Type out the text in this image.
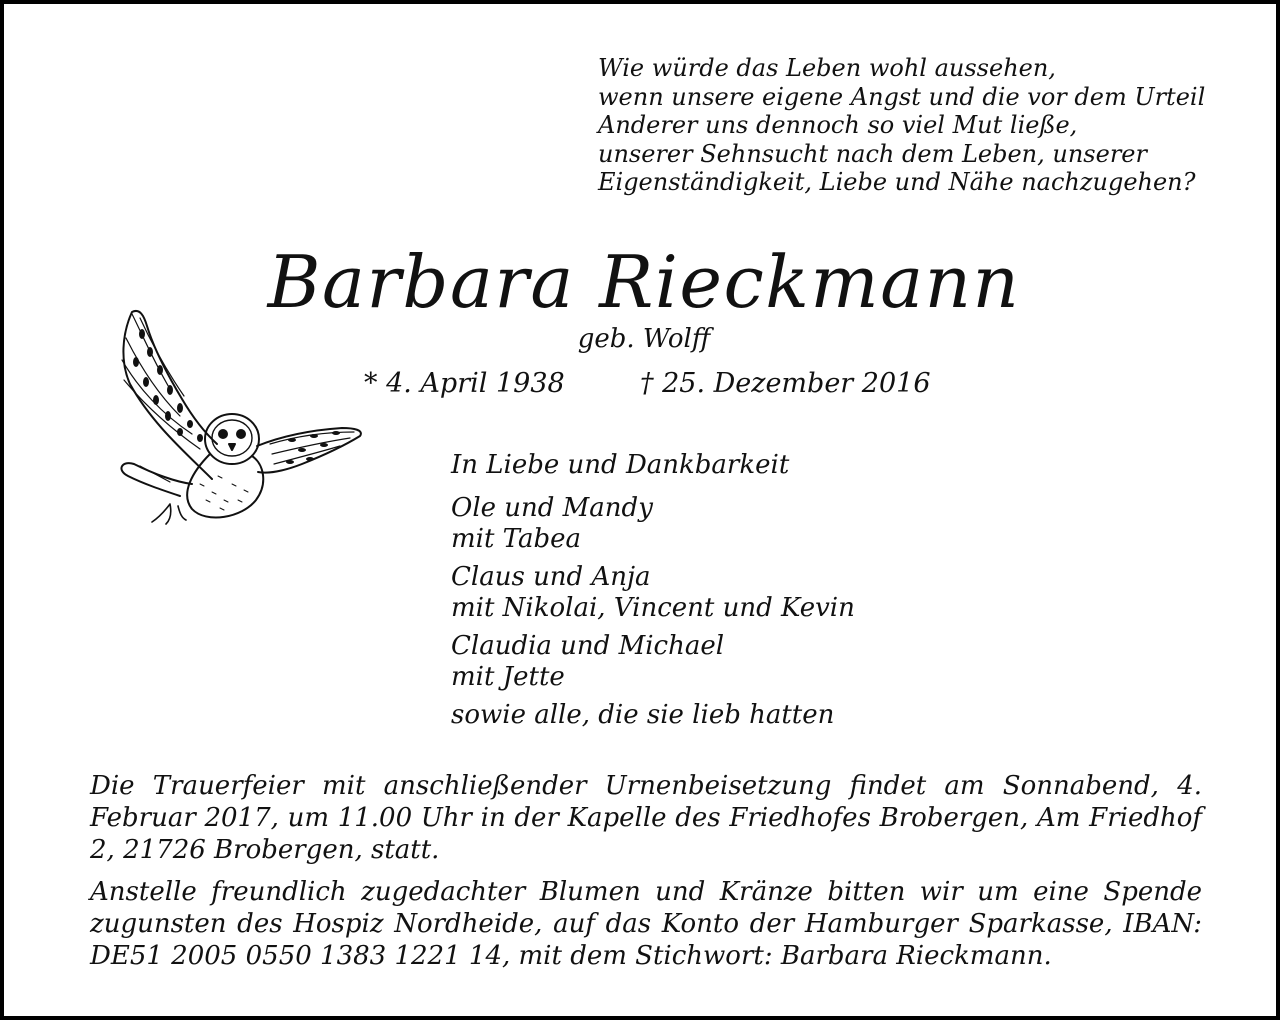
Wie würde das Leben wohl aussehen,
wenn unsere eigene Angst und die vor dem Urteil
Anderer uns dennoch so viel Mut ließe,
unserer Sehnsucht nach dem Leben, unserer
Eigenständigkeit, Liebe und Nähe nachzugehen?
Barbara Rieckmann
geb. Wolff
* 4. April 1938	† 25. Dezember 2016
In Liebe und Dankbarkeit
Ole und Mandy
mit Tabea
Claus und Anja
mit Nikolai, Vincent und Kevin
Claudia und Michael
mit Jette
sowie alle, die sie lieb hatten

Die Trauerfeier mit anschließender Urnenbeisetzung findet am Sonnabend, 4. Februar 2017, um 11.00 Uhr in der Kapelle des Friedhofes Brobergen, Am Friedhof 2, 21726 Brobergen, statt.

Anstelle freundlich zugedachter Blumen und Kränze bitten wir um eine Spende zugunsten des Hospiz Nordheide, auf das Konto der Hamburger Sparkasse, IBAN: DE51 2005 0550 1383 1221 14, mit dem Stichwort: Barbara Rieckmann.
